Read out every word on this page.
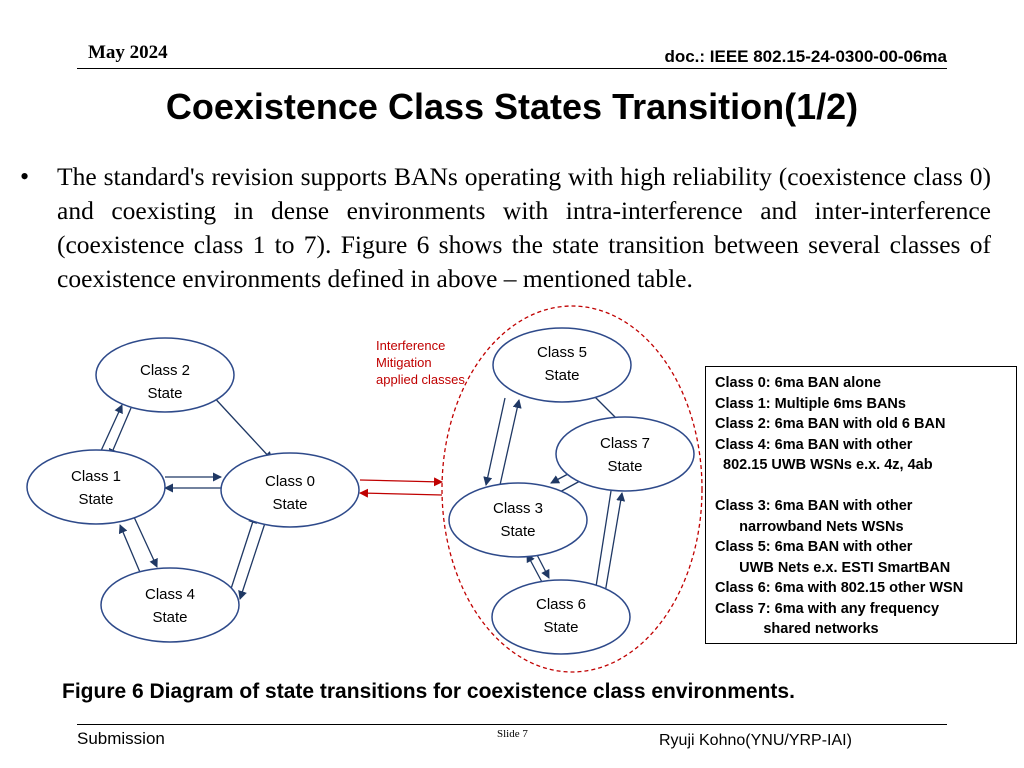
May 2024	doc.: IEEE 802.15-24-0300-00-06ma
Coexistence Class States Transition(1/2)
• The standard's revision supports BANs operating with high reliability (coexistence class 0) and coexisting in dense environments with intra-interference and inter-interference (coexistence class 1 to 7). Figure 6 shows the state transition between several classes of coexistence environments defined in above – mentioned table.
Interference
Mitigation
applied classes
Class 2
State
Class 1
State
Class 0
State
Class 4
State
Class 5
State
Class 7
State
Class 3
State
Class 6
State
Class 0: 6ma BAN alone
Class 1: Multiple 6ms BANs
Class 2: 6ma BAN with old 6 BAN
Class 4: 6ma BAN with other
802.15 UWB WSNs e.x. 4z, 4ab

Class 3: 6ma BAN with other
narrowband Nets WSNs
Class 5: 6ma BAN with other
UWB Nets e.x. ESTI SmartBAN
Class 6: 6ma with 802.15 other WSN
Class 7: 6ma with any frequency
shared networks
Figure 6 Diagram of state transitions for coexistence class environments.
Submission	Slide 7	Ryuji Kohno(YNU/YRP-IAI)
